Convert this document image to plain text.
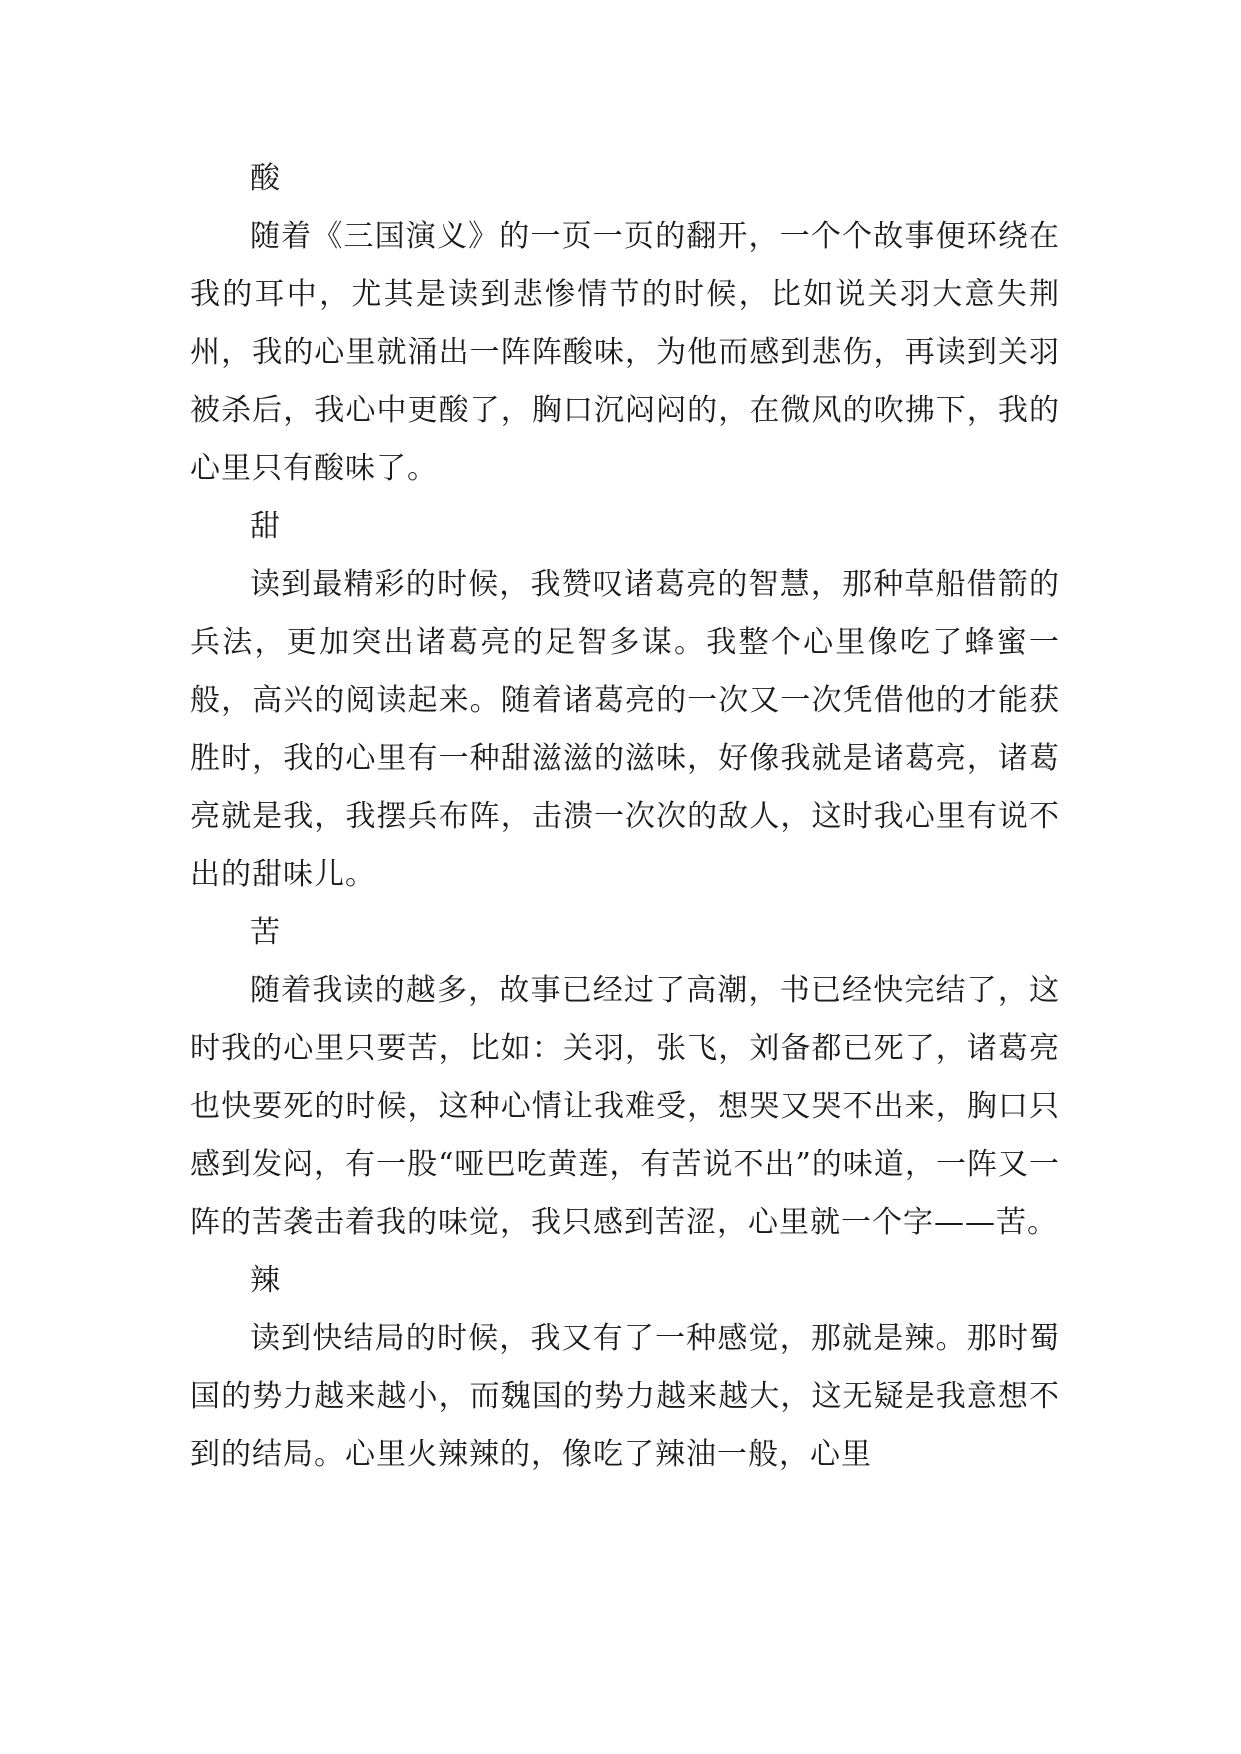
酸

随着《三国演义》的一页一页的翻开，一个个故事便环绕在我的耳中，尤其是读到悲惨情节的时候，比如说关羽大意失荆州，我的心里就涌出一阵阵酸味，为他而感到悲伤，再读到关羽被杀后，我心中更酸了，胸口沉闷闷的，在微风的吹拂下，我的心里只有酸味了。

甜

读到最精彩的时候，我赞叹诸葛亮的智慧，那种草船借箭的兵法，更加突出诸葛亮的足智多谋。我整个心里像吃了蜂蜜一般，高兴的阅读起来。随着诸葛亮的一次又一次凭借他的才能获胜时，我的心里有一种甜滋滋的滋味，好像我就是诸葛亮，诸葛亮就是我，我摆兵布阵，击溃一次次的敌人，这时我心里有说不出的甜味儿。

苦

随着我读的越多，故事已经过了高潮，书已经快完结了，这时我的心里只要苦，比如：关羽，张飞，刘备都已死了，诸葛亮也快要死的时候，这种心情让我难受，想哭又哭不出来，胸口只感到发闷，有一股“哑巴吃黄莲，有苦说不出”的味道，一阵又一阵的苦袭击着我的味觉，我只感到苦涩，心里就一个字——苦。

辣

读到快结局的时候，我又有了一种感觉，那就是辣。那时蜀国的势力越来越小，而魏国的势力越来越大，这无疑是我意想不到的结局。心里火辣辣的，像吃了辣油一般，心里
